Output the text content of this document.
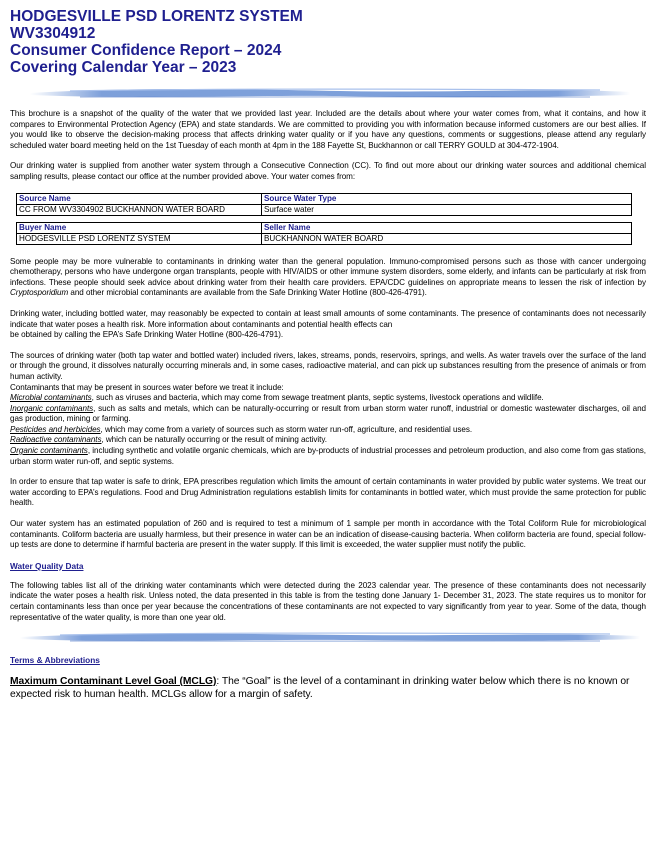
HODGESVILLE PSD LORENTZ SYSTEM
WV3304912
Consumer Confidence Report – 2024
Covering Calendar Year – 2023

This brochure is a snapshot of the quality of the water that we provided last year. Included are the details about where your water comes from, what it contains, and how it compares to Environmental Protection Agency (EPA) and state standards. We are committed to providing you with information because informed customers are our best allies. If you would like to observe the decision-making process that affects drinking water quality or if you have any questions, comments or suggestions, please attend any regularly scheduled water board meeting held on the 1st Tuesday of each month at 4pm in the 188 Fayette St, Buckhannon or call TERRY GOULD at 304-472-1904.

Our drinking water is supplied from another water system through a Consecutive Connection (CC). To find out more about our drinking water sources and additional chemical sampling results, please contact our office at the number provided above. Your water comes from:

Source Name	Source Water Type
CC FROM WV3304902 BUCKHANNON WATER BOARD	Surface water
Buyer Name	Seller Name
HODGESVILLE PSD LORENTZ SYSTEM	BUCKHANNON WATER BOARD

Some people may be more vulnerable to contaminants in drinking water than the general population. Immuno-compromised persons such as those with cancer undergoing chemotherapy, persons who have undergone organ transplants, people with HIV/AIDS or other immune system disorders, some elderly, and infants can be particularly at risk from infections. These people should seek advice about drinking water from their health care providers. EPA/CDC guidelines on appropriate means to lessen the risk of infection by Cryptosporidium and other microbial contaminants are available from the Safe Drinking Water Hotline (800-426-4791).

Drinking water, including bottled water, may reasonably be expected to contain at least small amounts of some contaminants. The presence of contaminants does not necessarily indicate that water poses a health risk. More information about contaminants and potential health effects can
be obtained by calling the EPA’s Safe Drinking Water Hotline (800-426-4791).

The sources of drinking water (both tap water and bottled water) included rivers, lakes, streams, ponds, reservoirs, springs, and wells. As water travels over the surface of the land or through the ground, it dissolves naturally occurring minerals and, in some cases, radioactive material, and can pick up substances resulting from the presence of animals or from human activity.

Contaminants that may be present in sources water before we treat it include:

Microbial contaminants, such as viruses and bacteria, which may come from sewage treatment plants, septic systems, livestock operations and wildlife.

Inorganic contaminants, such as salts and metals, which can be naturally-occurring or result from urban storm water runoff, industrial or domestic wastewater discharges, oil and gas production, mining or farming.

Pesticides and herbicides, which may come from a variety of sources such as storm water run-off, agriculture, and residential uses.

Radioactive contaminants, which can be naturally occurring or the result of mining activity.

Organic contaminants, including synthetic and volatile organic chemicals, which are by-products of industrial processes and petroleum production, and also come from gas stations, urban storm water run-off, and septic systems.

In order to ensure that tap water is safe to drink, EPA prescribes regulation which limits the amount of certain contaminants in water provided by public water systems. We treat our water according to EPA’s regulations. Food and Drug Administration regulations establish limits for contaminants in bottled water, which must provide the same protection for public health.

Our water system has an estimated population of 260 and is required to test a minimum of 1 sample per month in accordance with the Total Coliform Rule for microbiological contaminants. Coliform bacteria are usually harmless, but their presence in water can be an indication of disease-causing bacteria. When coliform bacteria are found, special follow-up tests are done to determine if harmful bacteria are present in the water supply. If this limit is exceeded, the water supplier must notify the public.

Water Quality Data

The following tables list all of the drinking water contaminants which were detected during the 2023 calendar year. The presence of these contaminants does not necessarily indicate the water poses a health risk. Unless noted, the data presented in this table is from the testing done January 1- December 31, 2023. The state requires us to monitor for certain contaminants less than once per year because the concentrations of these contaminants are not expected to vary significantly from year to year. Some of the data, though representative of the water quality, is more than one year old.

Terms & Abbreviations

Maximum Contaminant Level Goal (MCLG): The “Goal” is the level of a contaminant in drinking water below which there is no known or expected risk to human health. MCLGs allow for a margin of safety.
